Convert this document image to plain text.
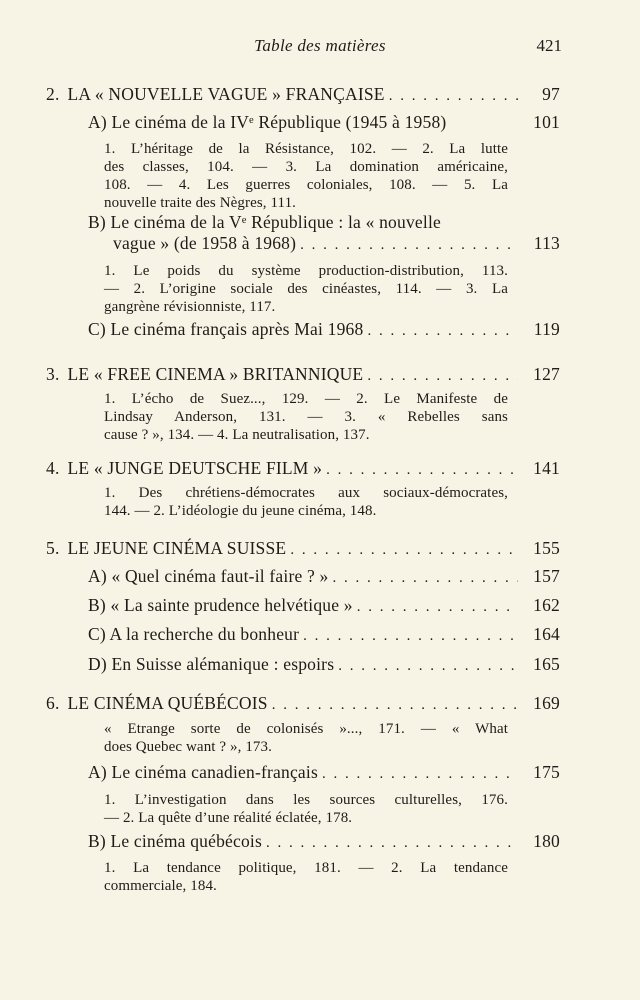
Table des matières	421
2. LA « NOUVELLE VAGUE » FRANÇAISE . . .	97
A) Le cinéma de la IVᵉ République (1945 à 1958)	101
1. L’héritage de la Résistance, 102. — 2. La lutte
des classes, 104. — 3. La domination américaine,
108. — 4. Les guerres coloniales, 108. — 5. La
nouvelle traite des Nègres, 111.
B) Le cinéma de la Vᵉ République : la « nouvelle
vague » (de 1958 à 1968) . . .	113
1. Le poids du système production-distribution, 113.
— 2. L’origine sociale des cinéastes, 114. — 3. La
gangrène révisionniste, 117.
C) Le cinéma français après Mai 1968 . . .	119
3. LE « FREE CINEMA » BRITANNIQUE . . .	127
1. L’écho de Suez..., 129. — 2. Le Manifeste de
Lindsay Anderson, 131. — 3. « Rebelles sans
cause ? », 134. — 4. La neutralisation, 137.
4. LE « JUNGE DEUTSCHE FILM » . . .	141
1. Des chrétiens-démocrates aux sociaux-démocrates,
144. — 2. L’idéologie du jeune cinéma, 148.
5. LE JEUNE CINÉMA SUISSE . . .	155
A) « Quel cinéma faut-il faire ? » . . .	157
B) « La sainte prudence helvétique » . . .	162
C) A la recherche du bonheur . . .	164
D) En Suisse alémanique : espoirs . . .	165
6. LE CINÉMA QUÉBÉCOIS . . .	169
« Etrange sorte de colonisés »..., 171. — « What
does Quebec want ? », 173.
A) Le cinéma canadien-français . . .	175
1. L’investigation dans les sources culturelles, 176.
— 2. La quête d’une réalité éclatée, 178.
B) Le cinéma québécois . . .	180
1. La tendance politique, 181. — 2. La tendance
commerciale, 184.
